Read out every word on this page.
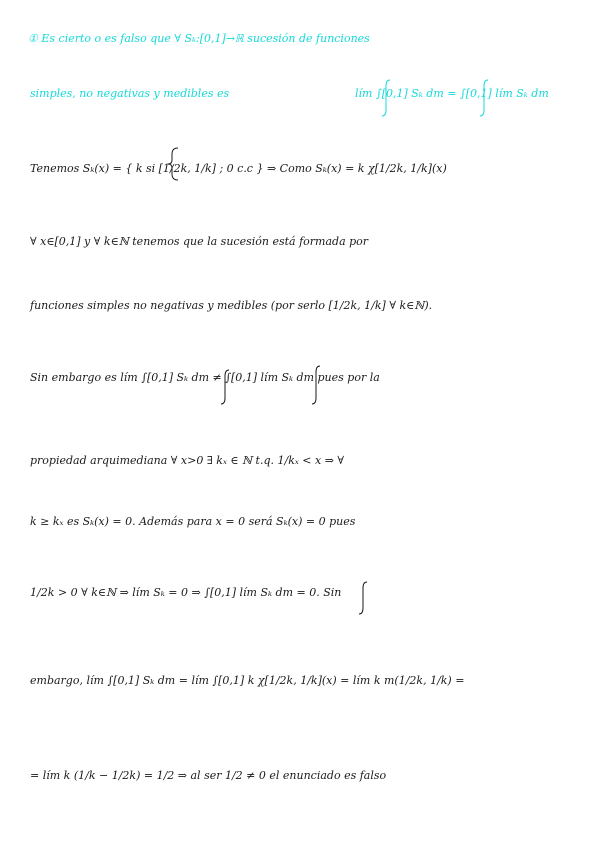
① Es cierto o es falso que ∀ Sₖ:[0,1]→ℝ sucesión de funciones
simples, no negativas y medibles es	lím ∫[0,1] Sₖ dm = ∫[0,1] lím Sₖ dm
Tenemos Sₖ(x) = { k si [1/2k, 1/k] ; 0 c.c } ⇒ Como Sₖ(x) = k χ[1/2k, 1/k](x)
∀ x∈[0,1] y ∀ k∈ℕ tenemos que la sucesión está formada por
funciones simples no negativas y medibles (por serlo [1/2k, 1/k] ∀ k∈ℕ).
Sin embargo es lím ∫[0,1] Sₖ dm ≠ ∫[0,1] lím Sₖ dm pues por la
propiedad arquimediana ∀ x>0 ∃ kₓ ∈ ℕ t.q. 1/kₓ < x ⇒ ∀
k ≥ kₓ es Sₖ(x) = 0. Además para x = 0 será Sₖ(x) = 0 pues
1/2k > 0 ∀ k∈ℕ ⇒ lím Sₖ = 0 ⇒ ∫[0,1] lím Sₖ dm = 0. Sin
embargo, lím ∫[0,1] Sₖ dm = lím ∫[0,1] k χ[1/2k, 1/k](x) = lím k m(1/2k, 1/k) =
= lím k (1/k − 1/2k) = 1/2 ⇒ al ser 1/2 ≠ 0 el enunciado es falso
